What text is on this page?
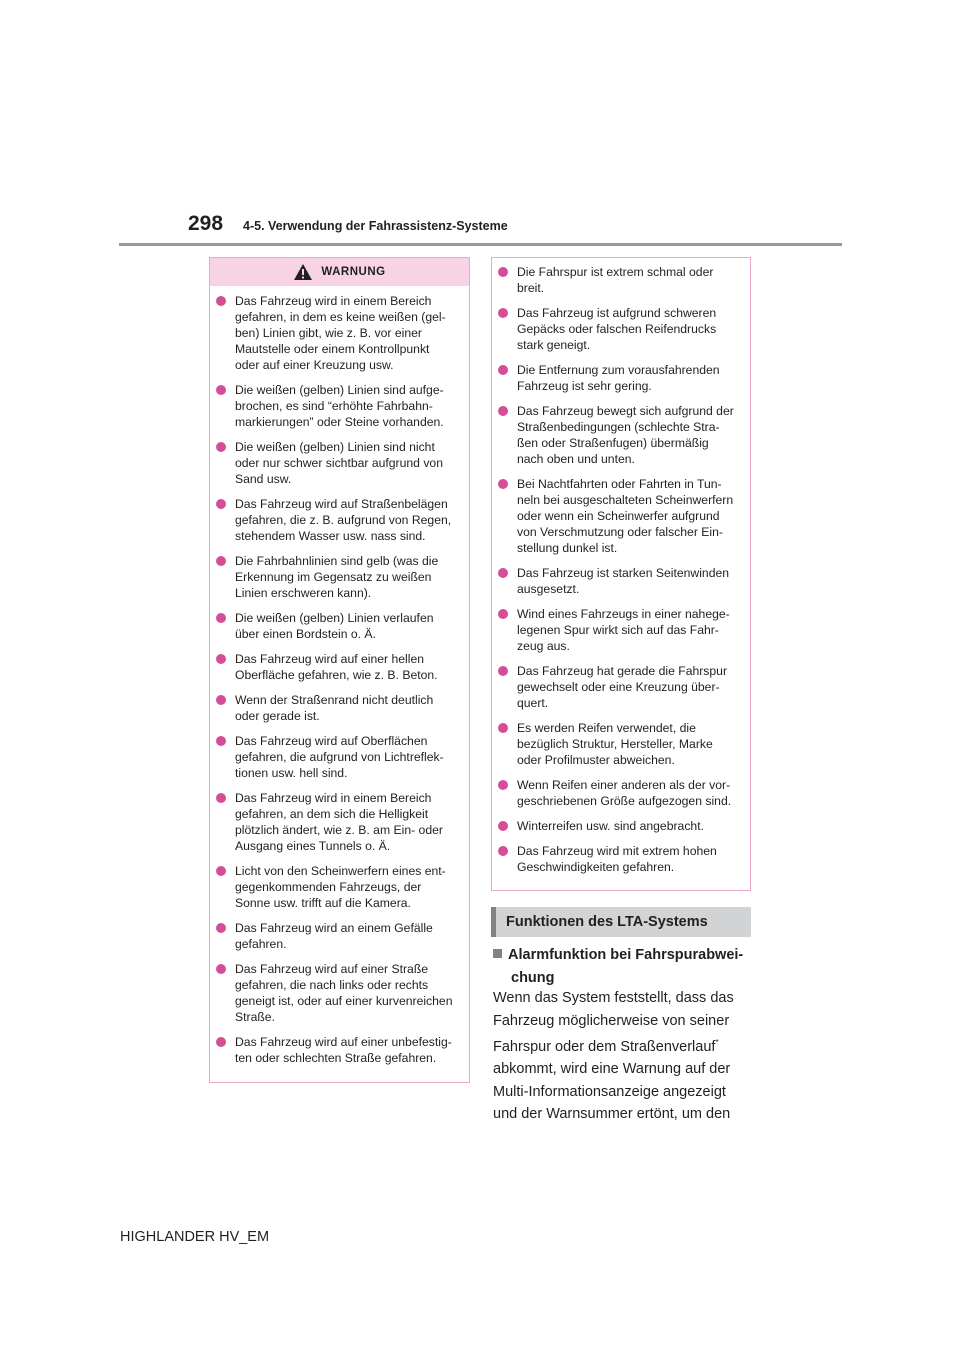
298 4-5. Verwendung der Fahrassistenz-Systeme
WARNUNG
Das Fahrzeug wird in einem Bereich
gefahren, in dem es keine weißen (gel-
ben) Linien gibt, wie z. B. vor einer
Mautstelle oder einem Kontrollpunkt
oder auf einer Kreuzung usw.
Die weißen (gelben) Linien sind aufge-
brochen, es sind “erhöhte Fahrbahn-
markierungen” oder Steine vorhanden.
Die weißen (gelben) Linien sind nicht
oder nur schwer sichtbar aufgrund von
Sand usw.
Das Fahrzeug wird auf Straßenbelägen
gefahren, die z. B. aufgrund von Regen,
stehendem Wasser usw. nass sind.
Die Fahrbahnlinien sind gelb (was die
Erkennung im Gegensatz zu weißen
Linien erschweren kann).
Die weißen (gelben) Linien verlaufen
über einen Bordstein o. Ä.
Das Fahrzeug wird auf einer hellen
Oberfläche gefahren, wie z. B. Beton.
Wenn der Straßenrand nicht deutlich
oder gerade ist.
Das Fahrzeug wird auf Oberflächen
gefahren, die aufgrund von Lichtreflek-
tionen usw. hell sind.
Das Fahrzeug wird in einem Bereich
gefahren, an dem sich die Helligkeit
plötzlich ändert, wie z. B. am Ein- oder
Ausgang eines Tunnels o. Ä.
Licht von den Scheinwerfern eines ent-
gegenkommenden Fahrzeugs, der
Sonne usw. trifft auf die Kamera.
Das Fahrzeug wird an einem Gefälle
gefahren.
Das Fahrzeug wird auf einer Straße
gefahren, die nach links oder rechts
geneigt ist, oder auf einer kurvenreichen
Straße.
Das Fahrzeug wird auf einer unbefestig-
ten oder schlechten Straße gefahren.
Die Fahrspur ist extrem schmal oder
breit.
Das Fahrzeug ist aufgrund schweren
Gepäcks oder falschen Reifendrucks
stark geneigt.
Die Entfernung zum vorausfahrenden
Fahrzeug ist sehr gering.
Das Fahrzeug bewegt sich aufgrund der
Straßenbedingungen (schlechte Stra-
ßen oder Straßenfugen) übermäßig
nach oben und unten.
Bei Nachtfahrten oder Fahrten in Tun-
neln bei ausgeschalteten Scheinwerfern
oder wenn ein Scheinwerfer aufgrund
von Verschmutzung oder falscher Ein-
stellung dunkel ist.
Das Fahrzeug ist starken Seitenwinden
ausgesetzt.
Wind eines Fahrzeugs in einer nahege-
legenen Spur wirkt sich auf das Fahr-
zeug aus.
Das Fahrzeug hat gerade die Fahrspur
gewechselt oder eine Kreuzung über-
quert.
Es werden Reifen verwendet, die
bezüglich Struktur, Hersteller, Marke
oder Profilmuster abweichen.
Wenn Reifen einer anderen als der vor-
geschriebenen Größe aufgezogen sind.
Winterreifen usw. sind angebracht.
Das Fahrzeug wird mit extrem hohen
Geschwindigkeiten gefahren.
Funktionen des LTA-Systems
Alarmfunktion bei Fahrspurabwei-
chung
Wenn das System feststellt, dass das
Fahrzeug möglicherweise von seiner
Fahrspur oder dem Straßenverlauf*
abkommt, wird eine Warnung auf der
Multi-Informationsanzeige angezeigt
und der Warnsummer ertönt, um den
HIGHLANDER HV_EM
